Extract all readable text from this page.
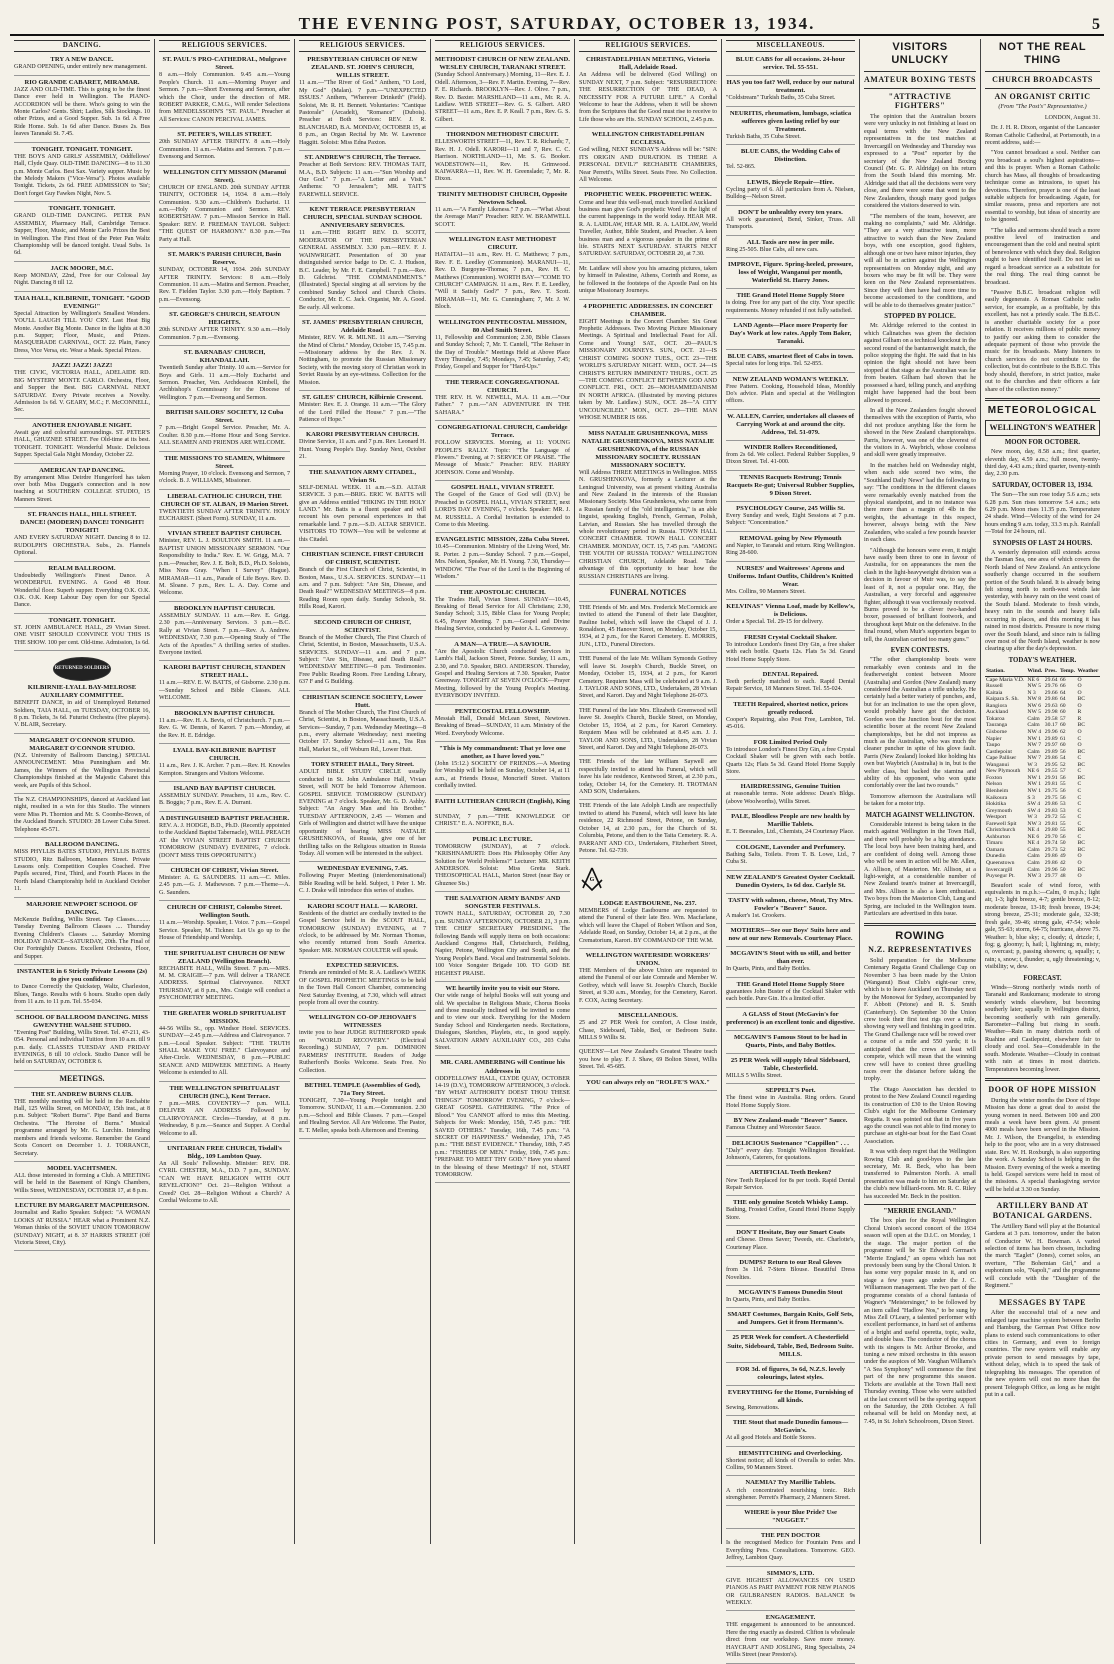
THE EVENING POST, SATURDAY, OCTOBER 13, 1934.	5
DANCING.
TRY A NEW DANCE.
GRAND OPENING, under entirely new management.
RIO GRANDE CABARET, MIRAMAR.
JAZZ AND OLD-TIME. This is going to be the finest Dance ever held in Wellington. The PIANO-ACCORDION will be there. Who's going to win the Monte Carlos? Gents. Shirt; Ladies, Silk Stockings. 10 other Prizes, and a Good Supper. Sub. 1s 6d. A Free Ride Home. Sub. 1s 6d after Dance. Buses 2s. Bus leaves Taranaki St. 7.45.
TONIGHT. TONIGHT. TONIGHT.
THE BOYS AND GIRLS' ASSEMBLY, Oddfellows' Hall, Clyde Quay. OLD-TIME DANCING—8 to 11.30 p.m. Monte Carlos. Best Sax. Variety supper. Music by the Melody Makers ("Vice-Versa"). Photos available Tonight. Tickets, 2s 6d. FREE ADMISSION to 'Sis'; Don't forget Guy Fawkes Night, Nov. 5.
TONIGHT. TONIGHT.
GRAND OLD-TIME DANCING. PETER PAN ASSEMBLY, Pharmacy Hall, Cambridge Terrace. Supper, Floor, Music, and Monte Carlo Prizes the Best in Wellington. The First Heat of the Peter Pan Waltz Championship will be danced tonight. Usual Subs. 1s 6d.
JACK MOORE, M.C.
Keep MONDAY, 22nd, Free for our Colossal Jay Night. Dancing 8 till 12.
TAIA HALL, KILBIRNIE, TONIGHT. "GOOD EVENING!"
Special Attraction by Wellington's Smallest Wonders. YOU'LL LAUGH TILL YOU CRY. Last Heat Big Monte. Another Big Monte. Dance in the lights at 8.30 p.m. Supper; Floor, Music, and Prizes. MASQUERADE CARNIVAL, OCT. 22. Plain, Fancy Dress, Vice Versa, etc. Wear a Mask. Special Prizes.
JAZZ! JAZZ! JAZZ!
THE CIVIC, VICTORIA HALL, ADELAIDE RD. BIG MYSTERY MONTE CARLO. Orchestra, Floor, and Supper the Best. BIG CARNIVAL NEXT SATURDAY. Every Private receives a Novelty. Admission 1s 6d. V. GEARY, M.C.; F. McCONNELL, Sec.
ANOTHER ENJOYABLE NIGHT.
Await gay and colourful surroundings. ST. PETER'S HALL, GHUZNEE STREET. Fee Old-time at its best. TONIGHT. TONIGHT. Wonderful Music. Delicious Supper. Special Gala Night Monday, October 22.
AMERICAN TAP DANCING.
By arrangement Miss Deirdre Hungerford has taken over both Miss Duggan's connection and is now teaching at SOUTHERN COLLEGE STUDIO, 15 Manners Street.
ST. FRANCIS HALL, HILL STREET. DANCE! (MODERN) DANCE! TONIGHT! TONIGHT!
AND EVERY SATURDAY NIGHT. Dancing 8 to 12. RUDOLPH'S ORCHESTRA. Subs., 2s. Flannels Optional.
REALM BALLROOM.
Undoubtedly Wellington's Finest Dance. A WONDERFUL EVENING. A Good 48 Hour. Wonderful floor. Superb supper. Everything O.K. O.K. O.K. O.K. Keep Labour Day open for our Special Dance.
TONIGHT. TONIGHT.
ST. JOHN AMBULANCE HALL, 29 Vivian Street. ONE VISIT SHOULD CONVINCE YOU THIS IS THE SHOW. 100 per cent. Old-time. Admission, 1s 6d.
RETURNED SOLDIERS
KILBIRNIE-LYALL BAY-MELROSE AUXILIARY COMMITTEE.
BENEFIT DANCE, in aid of Unemployed Returned Soldiers, TAIA HALL, on TUESDAY, OCTOBER 16, 8 p.m. Tickets, 3s 6d. Futurist Orchestra (five players). V. BLAIR, Secretary.
MARGARET O'CONNOR STUDIO. MARGARET O'CONNOR STUDIO.
(N.Z. University of Ballroom Dancing.) SPECIAL ANNOUNCEMENT. Miss Punningham and Mr. James, the Winners of the Wellington Provincial Championships finished at the Majestic Cabaret this week, are Pupils of this School.
The N.Z. CHAMPIONSHIPS, danced at Auckland last night, resulted in a win for this Studio. The winners were Miss Pt. Thornton and Mr. S. Coombe-Brown, of the Auckland Branch. STUDIO: 28 Lower Cuba Street. Telephone 45-571.
BALLROOM DANCING.
MISS PHYLLIS BATES STUDIO, PHYLLIS BATES STUDIO, Ritz Ballroom, Manners Street. Private Lessons only. Competition Couples Coached. Five Pupils secured, First, Third, and Fourth Places in the North Island Championship held in Auckland October 11.
MARJORIE NEWPORT SCHOOL OF DANCING.
McKenzie Building, Willis Street. Tap Classes.......... Tuesday Evening Ballroom Classes .... Thursday Evening Children's Classes .... Saturday Morning HOLIDAY DANCE—SATURDAY, 20th. The Final of Our Fortnightly Dances. Excellent Orchestra, Floor, and Supper.
INSTANTER in 6 Strictly Private Lessons (2s) to give you confidence
to Dance Correctly the Quickstep, Waltz, Charleston, Blues, Tango. Results with 6 hours. Studio open daily from 11 a.m. to 11 p.m. Tel. 55-034.
SCHOOL OF BALLROOM DANCING. MISS GWENYTHE WALSHE STUDIO.
"Evening Post" Building, Willis Street. Tel. 47-211, 43-054. Personal and individual Tuition from 10 a.m. till 9 p.m. daily. CLASSES TUESDAY AND FRIDAY EVENINGS, 8 till 10 o'clock. Studio Dance will be held on SATURDAY, OCTOBER 6.
MEETINGS.
THE ST. ANDREW BURNS CLUB.
THE monthly meeting will be held in the Rechabite Hall, 125 Willis Street, on MONDAY, 15th inst., at 8 p.m. Subject: "Robert Burns". Pipe Band and Burns Orchestra. "The Heroine of Burns." Musical programme arranged by Mr. G. Lurchin. Intending members and friends welcome. Remember the Grand Scots Concert on December 1. J. TORRANCE, Secretary.
MODEL YACHTSMEN.
ALL those interested in forming a Club. A MEETING will be held in the Basement of King's Chambers, Willis Street, WEDNESDAY, OCTOBER 17, at 8 p.m.
LECTURE BY MARGARET MACPHERSON.
Journalist and Radio Speaker. Subject: "A WOMAN LOOKS AT RUSSIA." HEAR what a Prominent N.Z. Woman thinks of the SOVIET UNION TOMORROW (SUNDAY) NIGHT, at 8. 37 HARRIS STREET (Off Victoria Street, City).
RELIGIOUS SERVICES.
ST. PAUL'S PRO-CATHEDRAL, Mulgrave Street.
8 a.m.—Holy Communion. 9.45 a.m.—Young People's Church. 11 a.m.—Morning Prayer and Sermon. 7 p.m.—Short Evensong and Sermon, after which the Choir, under the direction of MR. ROBERT PARKER, C.M.G., Will render Selections from MENDELSSOHN'S "ST. PAUL." Preacher at All Services: CANON PERCIVAL JAMES.
ST. PETER'S, WILLIS STREET.
20th SUNDAY AFTER TRINITY. 8 a.m.—Holy Communion. 11 a.m.—Matins and Sermon. 7 p.m.—Evensong and Sermon.
WELLINGTON CITY MISSION (Maranui Street).
CHURCH OF ENGLAND. 20th SUNDAY AFTER TRINITY, OCTOBER 14, 1934. 8 a.m.—Holy Communion. 9.30 a.m.—Children's Eucharist. 11 a.m.—Holy Communion and Sermon. REV. ROBERTSHAW. 7 p.m.—Mission Service in Hall. Speaker: REV. P. FREEMAN TAYLOR. Subject: "THE QUEST OF HARMONY." 8.30 p.m.—Tea Party at Hall.
ST. MARK'S PARISH CHURCH, Basin Reserve.
SUNDAY, OCTOBER 14, 1934. 20th SUNDAY AFTER TRINITY. Services: 8 a.m.—Holy Communion. 11 a.m.—Matins and Sermon. Preacher, Rev. T. Fielden Taylor. 3.30 p.m.—Holy Baptism. 7 p.m.—Evensong.
ST. GEORGE'S CHURCH, SEATOUN HEIGHTS.
20th SUNDAY AFTER TRINITY. 9.30 a.m.—Holy Communion. 7 p.m.—Evensong.
ST. BARNABAS' CHURCH, KHANDALLAH.
Twentieth Sunday after Trinity. 10 a.m.—Service for Boys and Girls. 11 a.m.—Holy Eucharist and Sermon. Preacher, Ven. Archdeacon Kimbell, the Archbishop's Commissary for the Diocese of Wellington. 7 p.m.—Evensong and Sermon.
BRITISH SAILORS' SOCIETY, 12 Cuba Street.
7 p.m.—Bright Gospel Service. Preacher, Mr. A. Coulter. 8.30 p.m.—Home Hour and Song Service. ALL SEAMEN AND FRIENDS ARE WELCOME.
THE MISSIONS TO SEAMEN, Whitmore Street.
Morning Prayer, 10 o'clock. Evensong and Sermon, 7 o'clock. B. J. WILLIAMS, Missioner.
LIBERAL CATHOLIC CHURCH, THE CHURCH OF ST. ALBAN, 19 Marion Street.
TWENTIETH SUNDAY AFTER TRINITY. HOLY EUCHARIST. (Sheet Form). SUNDAY, 11 a.m.
VIVIAN STREET BAPTIST CHURCH.
Minister, REV. L. J. BOULTON SMITH. 11 a.m.—BAPTIST UNION MISSIONARY SERMON. "Our Responsibility to India." Rev. E. W. Grigg, M.A. 7 p.m.—Preacher, Rev. J. E. Bolt, B.D., Ph.D. Soloists, Miss Nora Gray. "When I Survey" (Hague). MIRAMAR—11 a.m., Parade of Life Boys. Rev. D. M. Sloane. 7 p.m., Rev. L. A. Day. Come and Welcome.
BROOKLYN HAPTIST CHURCH.
ASSEMBLY SUNDAY. 11 a.m.—Rev. E. Grigg. 2.30 p.m.—Anniversary Services. 3 p.m.—B.C. Rally at Vivian Street. 7 p.m.—Rev. A. Andrew. WEDNESDAY, 7.30 p.m.—Opening Study of "The Acts of the Apostles." A thrilling series of studies. Everyone invited.
KARORI BAPTIST CHURCH, STANDEN STREET HALL.
11 a.m.—REV. E. W. BATTS, of Gisborne. 2.30 p.m.—Sunday School and Bible Classes. ALL WELCOME.
BROOKLYN BAPTIST CHURCH.
11 a.m.—Rev. H. A. Bevis, of Christchurch. 7 p.m.—Rev. G. W. Dennis, of Karori. 7 p.m.—Monday, at the Rev. H. E. Edridge.
LYALL BAY-KILBIRNIE BAPTIST CHURCH.
11 a.m., Rev. J. K. Archer. 7 p.m.—Rev. H. Knowles Kempton. Strangers and Visitors Welcome.
ISLAND BAY BAPTIST CHURCH.
ASSEMBLY SUNDAY. Preachers, 11 a.m., Rev. C. B. Boggis; 7 p.m., Rev. E. A. Durrant.
A DISTINGUISHED BAPTIST PREACHER.
REV. A. J. HODGE, B.D., Ph.D. (Recently appointed to the Auckland Baptist Tabernacle), WILL PREACH AT the VIVIAN STREET BAPTIST CHURCH TOMORROW (SUNDAY) EVENING, 7 o'clock. (DON'T MISS THIS OPPORTUNITY.)
CHURCH OF CHRIST, Vivian Street.
Minister: A. G. SAUNDERS. 11 a.m.—C. Miles. 2.45 p.m.—G. J. Mathewson. 7 p.m.—Theme—A. G. Saunders.
CHURCH OF CHRIST, Colombo Street. Wellington South.
11 a.m.—Worship. Speaker, I. Voice. 7 p.m.—Gospel Service. Speaker, M. Tickner. Let Us go up to the House of Friendship and Worship.
THE SPIRITUALIST CHURCH OF NEW ZEALAND (Wellington Branch).
RECHABITE HALL, Willis Street. 7 p.m.—MRS. M. M. CRAIGIE—7 p.m. Will deliver a TRANCE ADDRESS. Spiritual Clairvoyance. NEXT THURSDAY, at 8 p.m., Mrs. Craigie will conduct a PSYCHOMETRY MEETING.
THE GREATER WORLD SPIRITUALIST MISSION.
44-56 Willis St., opp. Windsor Hotel. SERVICES. SUNDAY—2.45 p.m.—Address and Clairvoyance. 7 p.m.—Local Speaker. Subject: "THE TRUTH SHALL MAKE YOU FREE." Clairvoyance and After-Circle. WEDNESDAY, 8 p.m.—PUBLIC SEANCE AND MIDWEEK MEETING. A Hearty Welcome is extended to All.
THE WELLINGTON SPIRITUALIST CHURCH (INC.), Kent Terrace.
7 p.m.—MRS. COVENTRY—7 p.m. WILL DELIVER AN ADDRESS Followed by CLAIRVOYANCE. Circles—Tuesday, at 8 p.m. Wednesday, 8 p.m.—Seance and Supper. A Cordial Welcome to all.
UNITARIAN FREE CHURCH, Tisdall's Bldg., 109 Lambton Quay.
An All Souls' Fellowship. Minister: REV. DR. CYRIL CHESTER, M.A., D.D. 7 p.m., SUNDAY. "CAN WE HAVE RELIGION WITH OUT REVELATION?" Oct. 21—Religion Without a Creed? Oct. 28—Religion Without a Church? A Cordial Welcome to All.
RELIGIOUS SERVICES.
PRESBYTERIAN CHURCH OF NEW ZEALAND. ST. JOHN'S CHURCH, WILLIS STREET.
11 a.m.—"The River of God." Anthem, "O Lord, My God" (Malan). 7 p.m.—"UNEXPECTED ISSUES." Anthem, "Wherever Drinketh" (Field). Soloist, Mr. R. H. Bennett. Voluntaries: "Cantique Pastorale" (Arcadelt), "Romance" (Dubois). Preacher at Both Services: REV. J. R. BLANCHARD, B.A. MONDAY, OCTOBER 15, at 8 p.m., an Organ Recital by Mr. W. Lawrence Haggitt. Soloist: Miss Edna Paxton.
ST. ANDREW'S CHURCH, The Terrace.
Preacher at Both Services: REV. THOMAS TAIT, M.A., B.D. Subjects: 11 a.m.—"Sun Worship and Our God." 7 p.m.—"A Letter and a Visit." Anthems: "O Jerusalem"; MR. TAIT'S FAREWELL SERVICE.
KENT TERRACE PRESBYTERIAN CHURCH, SPECIAL SUNDAY SCHOOL ANNIVERSARY SERVICES.
11 a.m.—THE RIGHT REV. D. SCOTT, MODERATOR OF THE PRESBYTERIAN GENERAL ASSEMBLY. 3.30 p.m.—REV. F. J. WAINWRIGHT. Presentation of 30 year distinguished service badge to Dr. C. J. Hudson, B.C. Leader, by Mr. F. E. Campbell. 7 p.m.—Rev. D. Gilchrist. "THE COMMANDMENTS." (Illustrated.) Special singing at all services by the combined Sunday School and Church Choirs. Conductor, Mr. E. C. Jack. Organist, Mr. A. Good. Be early. All welcome.
ST. JAMES' PRESBYTERIAN CHURCH, Adelaide Road.
Minister, REV. W. R. MILNE. 11 a.m.—"Serving the Mind of Christ." Monday, October 15, 7.45 p.m.—Missionary address by the Rev. J. N. Nottingham, to promote the Russian Missionary Society, with the moving story of Christian work in Soviet Russia by an eye-witness. Collection for the Mission.
ST. GILES' CHURCH, Kilbirnie Crescent.
Minister: Rev. E. J. Orange. 11 a.m.—"The Glory of the Lord Filled the House." 7 p.m.—"The Patience of Hope."
KARORI PRESBYTERIAN CHURCH.
Divine Service, 11 a.m. and 7 p.m. Rev. Leonard H. Hunt. Young People's Day. Sunday Next, October 21.
THE SALVATION ARMY CITADEL, Vivian St.
SELF-DENIAL WEEK. 11 a.m.—S.D. ALTAR SERVICE. 3 p.m.—BRIG. ERIC W. BATTS will give an Address entitled "HIKING IN THE HOLY LAND." Mr. Batts is a fluent speaker and will recount his own personal experiences in that remarkable land. 7 p.m.—S.D. ALTAR SERVICE. VISITORS TO TOWN—You will be welcome at this Citadel.
CHRISTIAN SCIENCE. FIRST CHURCH OF CHRIST, SCIENTIST.
Branch of the First Church of Christ, Scientist, in Boston, Mass., U.S.A. SERVICES. SUNDAY—11 a.m. and 7 p.m. Subject: "Are Sin, Disease, and Death Real?" WEDNESDAY MEETINGS—8 p.m. Reading Room open daily. Sunday Schools, St. Hills Road, Karori.
SECOND CHURCH OF CHRIST, SCIENTIST.
Branch of the Mother Church, The First Church of Christ, Scientist, in Boston, Massachusetts, U.S.A. SERVICES. SUNDAY—11 a.m. and 7 p.m. Subject: "Are Sin, Disease, and Death Real?" WEDNESDAY MEETING—8 p.m. Testimonies. Free Public Reading Room. Free Lending Library, 637 F and G Building.
CHRISTIAN SCIENCE SOCIETY, Lower Hutt.
Branch of The Mother Church, The First Church of Christ, Scientist, in Boston, Massachusetts, U.S.A. Services—Sunday, 7 p.m. Wednesday Meetings—8 p.m., every alternate Wednesday; next meeting October 17. Sunday School—11 a.m., Tea Rus Hall, Market St., off Woburn Rd., Lower Hutt.
TORY STREET HALL, Tory Street.
ADULT BIBLE STUDY CIRCLE usually conducted in St. John Ambulance Hall, Vivian Street, will NOT be held Tomorrow Afternoon. GOSPEL SERVICE TOMORROW (SUNDAY) EVENING at 7 o'clock. Speaker, Mr. G. D. Ashby. Subject: "An Angry Man and his Brother." TUESDAY AFTERNOON, 2.45 — Women and Girls of Wellington and district will have the unique opportunity of hearing MISS NATALIE GRUSHENKOVA, of Russia, give one of her thrilling talks on the Religious situation in Russia Today. All women will be interested in the subject.
WEDNESDAY EVENING, 7.45.
Following Prayer Meeting (interdenominational) Bible Reading will be held. Subject, 1 Peter 1. Mr. C. J. Drake will introduce this series of studies.
KARORI SCOUT HALL — KARORI.
Residents of the district are cordially invited to the Gospel Service held in the SCOUT HALL, TOMORROW (SUNDAY) EVENING, at 7 o'clock, to be addressed by Mr. Norman Thomas, who recently returned from South America. Speaker: MR. NORMAN COULTER will speak.
EXPECTED SERVICES.
Friends are reminded of Mr. R. A. Laidlaw's WEEK OF GOSPEL PROPHETIC MEETINGS to be held in the Town Hall Concert Chamber, commencing Next Saturday Evening, at 7.30, which will attract people from all over the country.
WELLINGTON CO-OP JEHOVAH'S WITNESSES
invite you to hear JUDGE RUTHERFORD speak on "WORLD RECOVERY." (Electrical Recording.) SUNDAY, 7 p.m. DOMINION FARMERS' INSTITUTE. Readers of Judge Rutherford's Books Welcome. Seats Free. No Collection.
BETHEL TEMPLE (Assemblies of God), 71a Tory Street.
TONIGHT, 7.30—Young People tonight and Tomorrow. SUNDAY, 11 a.m.—Communion. 2.30 p.m.—School and Bible Classes. 7 p.m.—Gospel and Healing Service. All Are Welcome. The Pastor, E. T. Meller, speaks both Afternoon and Evening.
RELIGIOUS SERVICES.
METHODIST CHURCH OF NEW ZEALAND. WESLEY CHURCH, TARANAKI STREET.
(Sunday School Anniversary.) Morning, 11—Rev. E. J. Odell. Afternoon, 3—Rev. F. Martin. Evening, 7—Rev. F. E. Richards. BROOKLYN—Rev. J. Olive. 7 p.m., Rev. D. Baxter. MARSHLAND—11 a.m., Mr. R. A. Laidlaw. WEB STREET—Rev. G. S. Gilbert. ARO STREET—11 a.m., Rev. E. P. Keall. 7 p.m., Rev. G. S. Gilbert.
THORNDON METHODIST CIRCUIT.
ELLESWORTH STREET—11, Rev. T. R. Richards; 7, Rev. H. J. Odell. KARORI—11 and 7, Rev. C. C. Harrison. NORTHLAND—11, Mr. S. G. Booker. WADESTOWN—11, Rev. H. Grimwood. KAIWARRA—11, Rev. W. H. Greenslade; 7, Mr. R. Dixon.
TRINITY METHODIST CHURCH, Opposite Newtown School.
11 a.m.—"A Family Likeness." 7 p.m.—"What About the Average Man?" Preacher: REV. W. BRAMWELL SCOTT.
WELLINGTON EAST METHODIST CIRCUIT.
HATAITAI—11 a.m., Rev. H. C. Matthews; 7 p.m., Rev. F. E. Leedley (Communion). MARANUI—11, Rev. D. Burgoyne-Thomas; 7 p.m., Rev. H. C. Matthews (Communion). WORTH BAY—"COME TO CHURCH" CAMPAIGN. 11 a.m., Rev. F. E. Leedley, "Will it Satisfy God?" 7 p.m., Rev. T. Scott. MIRAMAR—11, Mr. G. Cunningham; 7, Mr. J. W. Bloch.
WELLINGTON PENTECOSTAL MISSION, 80 Abel Smith Street.
11, Fellowship and Communion; 2.30, Bible Classes and Sunday School; 7, Mr. T. Cantell, "The Refuser in the Day of Trouble." Meetings Held at Above Place Every Thursday, 7.45; Mondays, 7.45; Saturday, 7.45; Friday, Gospel and Supper for "Hard-Ups."
THE TERRACE CONGREGATIONAL CHURCH.
THE REV. H. W. NEWELL, M.A. 11 a.m.—"Our Father." 7 p.m.—"AN ADVENTURE IN THE SAHARA."
CONGREGATIONAL CHURCH, Cambridge Terrace.
FOLLOW SERVICES. Morning, at 11: YOUNG PEOPLE'S RALLY. Topic: "The Language of Flowers." Evening, at 7: SERVICE OF PRAISE. "The Message of Music." Preacher: REV. HARRY JOHNSON. Come and Worship.
GOSPEL HALL, VIVIAN STREET.
The Gospel of the Grace of God will (D.V.) be Preached in GOSPEL HALL, VIVIAN STREET, next LORD'S DAY EVENING, 7 o'clock. Speaker: MR. J. M. RUSSELL. A Cordial Invitation is extended to Come to this Meeting.
EVANGELISTIC MISSION, 228a Cuba Street.
10.45—Communion. Ministry of the Living Word, Mr. R. Porter. 2 p.m.—Sunday School. 7 p.m.—Gospel, Mrs. Nelson, Speaker, Mr. H. Young. 7.30, Thursday—WINDOW. "The Fear of the Lord is the Beginning of Wisdom."
THE APOSTOLIC CHURCH.
The Trades Hall, Vivian Street. SUNDAY—10.45, Breaking of Bread Service for All Christians; 2.30, Sunday School; 3.15, Bible Class for Young People; 6.45, Prayer Meeting. 7 p.m.—Gospel and Divine Healing Service, conducted by Pastor A. L. Greenway.
A MAN—A TRUE—A SAVIOUR.
"Are the Apostolic Church conducted Services in Lamb's Hall, Jackson Street, Petone. Sunday, 11 a.m., 2.30, and 7.0. Speaker, BRO. ANDERSON. Thursday, Gospel and Healing Services at 7.30. Speaker, Pastor Greenway. TONIGHT AT SEVEN O'CLOCK—Prayer Meeting, followed by the Young People's Meeting. EVERYBODY INVITED.
PENTECOSTAL FELLOWSHIP.
Messiah Hall, Donald McLean Street, Newtown. Breaking of Bread—SUNDAY, 11 a.m. Ministry of the Word. Everybody Welcome.
"This is My commandment: That ye love one another, as I have loved you."
(John 15:12.) SOCIETY OF FRIENDS.—A Meeting for Worship will be held on Sunday, October 14, at 11 a.m., at Friends House, Moncrieff Street. Visitors cordially invited.
FAITH LUTHERAN CHURCH (English), King Street.
SUNDAY, 7 p.m.—"THE KNOWLEDGE OF CHRIST." E. A. NOFFKE, B.A.
PUBLIC LECTURE.
TOMORROW (SUNDAY), at 7 o'clock. "KRISHNAMURTI: Does His Philosophy Offer Any Solution for World Problems?" Lecturer: MR. KEITH ANDERSON. Soloist: Miss Gretta Stark. THEOSOPHICAL HALL, Marion Street (near Bay or Ghuznee Sts.)
THE SALVATION ARMY BANDS' AND SONGSTER FESTIVALS.
TOWN HALL, SATURDAY, OCTOBER 20, 7.30 p.m. SUNDAY AFTERNOON, OCTOBER 21, 3 p.m. THE CHIEF SECRETARY PRESIDING. The following Bands will supply items on both occasions: Auckland Congress Hall, Christchurch, Feilding, Napier, Petone, Wellington City and South, and the Young People's Band. Vocal and Instrumental Soloists. 100 Voice Songster Brigade 100. TO GOD BE HIGHEST PRAISE.
WE heartily invite you to visit our Store.
Our wide range of helpful Books will suit young and old. We specialise in Religious Music, Chorus Books and those musically inclined will be invited to come and to view our stock. Everything for the Modern Sunday School and Kindergarten needs. Recitations, Dialogues, Sketches, Playlets, etc., in good supply. SALVATION ARMY AUXILIARY CO., 203 Cuba Street.
MR. CARL AMBERBING will Continue his Addresses in
ODDFELLOWS' HALL, CLYDE QUAY, OCTOBER 14-19 (D.V.), TOMORROW AFTERNOON, 3 o'clock. "BY WHAT AUTHORITY DOEST THOU THESE THINGS?" TOMORROW EVENING, 7 o'clock—GREAT GOSPEL GATHERING. "The Price of Blood." You CANNOT afford to miss this Meeting. Subjects for Week: Monday, 15th, 7.45 p.m.: "HE SAVED OTHERS." Tuesday, 16th, 7.45 p.m.: "A SECRET OF HAPPINESS." Wednesday, 17th, 7.45 p.m.: "THE BEST EVIDENCE." Thursday, 18th, 7.45 p.m.: "FISHERS OF MEN." Friday, 19th, 7.45 p.m.: "PREPARE TO MEET THY GOD." Have you shared in the blessing of these Meetings? If not, START TOMORROW.
RELIGIOUS SERVICES.
CHRISTADELPHIAN MEETING, Victoria Hall, Adelaide Road.
An Address will be delivered (God Willing) on SUNDAY NEXT, 7 p.m. Subject: "RESURRECTION: THE RESURRECTION OF THE DEAD, A NECESSITY FOR A FUTURE LIFE." A Cordial Welcome to hear the Address, when it will be shown from the Scriptures that the Good must rise to receive to Life those who are His. SUNDAY SCHOOL, 2.45 p.m.
WELLINGTON CHRISTADELPHIAN ECCLESIA.
God willing, NEXT SUNDAY'S Address will be: "SIN: ITS ORIGIN AND DURATION. IS THERE A PERSONAL DEVIL?" RECHABITE CHAMBERS, Near Perrett's, Willis Street. Seats Free. No Collection. All Welcome.
PROPHETIC WEEK. PROPHETIC WEEK.
Come and hear this well-read, much travelled Auckland business man give God's prophetic Word in the light of the current happenings in the world today. HEAR MR. R. A. LAIDLAW, HEAR MR. R. A. LAIDLAW, World Traveller, Author, Bible Student, and Preacher. A keen business man and a vigorous speaker in the prime of life. STARTS NEXT SATURDAY. STARTS NEXT SATURDAY. SATURDAY, OCTOBER 20, at 7.30.
Mr. Laidlaw will show you his amazing pictures, taken by himself in Palestine, Athens, Corinth and Rome, as he followed in the footsteps of the Apostle Paul on his unique Missionary Journeys.
4 PROPHETIC ADDRESSES. IN CONCERT CHAMBER.
EIGHT Meetings in the Concert Chamber. Six Great Prophetic Addresses. Two Moving Picture Missionary Meetings. A Spiritual and Intellectual Feast for All. Come and Young! SAT., OCT. 20—PAUL'S MISSIONARY JOURNEYS. SUN., OCT. 21—IS CHRIST COMING SOON? TUES., OCT. 23—THE WORLD'S SATURDAY NIGHT. WED., OCT. 24—IS CHRIST'S RETURN IMMINENT? THURS., OCT. 25—THE COMING CONFLICT BETWEEN GOD AND CONFLICT. FRI., OCT. 26—MOHAMMEDANISM IN NORTH AFRICA. (Illustrated by moving pictures taken by Mr. Laidlaw.) SUN., OCT. 28—"A CITY UNCOUNCILED." MON., OCT. 29—THE MAN WHOSE NUMBER IS 666.
MISS NATALIE GRUSHENKOVA, MISS NATALIE GRUSHENKOVA, MISS NATALIE GRUSHENKOVA, of the RUSSIAN MISSIONARY SOCIETY. RUSSIAN MISSIONARY SOCIETY.
Will Address THREE MEETINGS in Wellington. MISS N. GRUSHENKOVA, formerly a Lecturer at the Leningrad University, was at present visiting Australia and New Zealand in the interests of the Russian Missionary Society. Miss Grushenkova, who came from a Russian family of the "old intelligentsia," is an able linguist, speaking English, French, German, Polish, Latvian, and Russian. She has travelled through the whole revolutionary period in Russia. TOWN HALL CONCERT CHAMBER. TOWN HALL CONCERT CHAMBER. MONDAY, OCT. 15, 7.45 p.m. "AMONG THE YOUTH OF RUSSIA TODAY." WELLINGTON CHRISTIAN CHURCH, Adelaide Road. Take advantage of this opportunity to hear how the RUSSIAN CHRISTIANS are living.
FUNERAL NOTICES
THE Friends of Mr. and Mrs. Frederick McCormick are invited to attend the Funeral of their late Daughter, Pauline Isobel, which will leave the Chapel of J. J. Ronaldson, 45 Hanover Street, on Monday, October 15, 1934, at 2 p.m., for the Karori Cemetery. E. MORRIS, JUN., LTD., Funeral Directors.
THE Funeral of the late Mr. William Symonds Gotfrey will leave St. Joseph's Church, Buckle Street, on Monday, October 15, 1934, at 2 p.m., for Karori Cemetery. Requiem Mass will be celebrated at 9 a.m. J. J. TAYLOR AND SONS, LTD., Undertakers, 28 Vivian Street, and Karori. Day and Night Telephone 26-073.
THE Funeral of the late Mrs. Elizabeth Greenwood will leave St. Joseph's Church, Buckle Street, on Monday, October 15, 1934, at 2 p.m., for Karori Cemetery. Requiem Mass will be celebrated at 8.45 a.m. J. J. TAYLOR AND SONS, LTD., Undertakers, 28 Vivian Street, and Karori. Day and Night Telephone 26-073.
THE Friends of the late William Saywell are respectfully invited to attend his Funeral, which will leave his late residence, Kentwood Street, at 2.30 p.m., today, October 14, for the Cemetery. H. TROTMAN AND SON, Undertakers.
THE Friends of the late Adolph Lindh are respectfully invited to attend his Funeral, which will leave his late residence, 22 Richmond Street, Petone, on Sunday, October 14, at 2.30 p.m., for the Church of St. Columbia, Petone, and then to the Taita Cemetery. R. A. PARRANT AND CO., Undertakers, Fitzherbert Street, Petone. Tel. 62-739.
G
LODGE EASTBOURNE, No. 237.
MEMBERS of Lodge Eastbourne are requested to attend the Funeral of their late Bro. Wm. Macfarlane, which will leave the Chapel of Robert Wilson and Son, Adelaide Road, on Sunday, October 14, at 2 p.m., at the Crematorium, Karori. BY COMMAND OF THE W.M.
WELLINGTON WATERSIDE WORKERS' UNION.
THE Members of the above Union are requested to attend the Funeral of our late Comrade and Member W. Gotfrey, which will leave St. Joseph's Church, Buckle Street, at 9.30 a.m., Monday, for the Cemetery, Karori. F. COX, Acting Secretary.
MISCELLANEOUS.
25 and 27 PER Week for comfort, A Close inside, Chase, Sideboard, Table, Bed, or Bedroom Suite. MILLS 9 Willis St.
QUEENS'—Let New Zealand's Greatest Theatre teach you how to play. F. J. Shaw, 69 Bolton Street, Willis Street. Tel. 45-685.
YOU can always rely on "ROLFE'S WAX."
MISCELLANEOUS.
BLUE CABS for all occasions. 24-hour service. Tel. 55-551.
HAS you too fat? Well, reduce by our natural treatment.
"Coldstream" Turkish Baths, 35 Cuba Street.
NEURITIS, rheumatism, lumbago, sciatica sufferers given lasting relief by our Treatment.
Turkish Baths, 35 Cuba Street.
BLUE CABS, the Wedding Cabs of Distinction.
Tel. 52-865.
LEWIS, Bicycle Repair—Hire.
Cycling party of 6. All particulars from A. Nielsen, Bulldog—Nelson Street.
DON'T be unhealthy every ten years.
All work guaranteed, Bend, Sinker, Truss. All Transports.
ALL Taxis are now in per mile.
Ring 25-505. Blue Cabs, all new cars.
IMPROVE, Figure. Spring-heeled, pressure, loss of Weight, Wanganui per month, Waterfield St. Harry Jones.
THE Grand Hotel Home Supply Store
is doing. Free for any part of the city. Your specific requirements. Money refunded if not fully satisfied.
LAND Agents—Place more Property for Day's Work at low rates. Apply Tom Baker, Taranaki.
BLUE CABS, smartest fleet of Cabs in town.
Special rates for long trips. Tel. 52-855.
NEW ZEALAND WOMAN'S WEEKLY.
Free Pattern. Cooking, Household Ideas, Monthly Do's advice. Plain and special at the Wellington offices.
W. ALLEN, Carrier, undertakes all classes of Carrying Work at and around the city. Address, Tel. 51-079.
WINDER Rollers Reconditioned,
from 2s 6d. We collect. Federal Rubber Supplies, 9 Dixon Street. Tel. 41-000.
TENNIS Racquets Restrung; Tennis Racquets Re-gut; Universal Rubber Supplies, 9 Dixon Street.
PSYCHOLOGY Course, 245 Willis St.
Every Sunday and week, Eight Sessions at 7 p.m. Subject: "Concentration."
REMOVAL going by New Plymouth
and Napier, to Taranaki and return. Ring Wellington. Ring 28-600.
NURSES' and Waitresses' Aprons and Uniforms. Infant Outfits, Children's Knitted Wear.
Mrs. Collins, 90 Manners Street.
KELVINAS" Vienna Loaf, made by Kellow's, is Delicious.
Order a Special. Tel. 29-15 for delivery.
FRESH Crystal Cocktail Shaker.
To introduce London's finest Dry Gin, a free shaker with each bottle. Quarts 12s. Flats 5s 3d. Grand Hotel Home Supply Store.
DENTAL Repaired.
Teeth perfectly matched to each. Rapid Dental Repair Service, 18 Manners Street. Tel. 55-024.
TEETH Repaired, shortest notice, prices greatly reduced.
Cooper's Repairing, also Post Free, Lambton, Tel. 45-016.
FOR Limited Period Only
To introduce London's Finest Dry Gin, a free Crystal Cocktail Shaker will be given with each bottle. Quarts 12s; Flats 5s 3d. Grand Hotel Home Supply Store.
HAIRDRESSING, Genuine Tuition
at reasonable terms. Note address: Dean's Bldgs. (above Woolworths), Willis Street.
PALE, Bloodless People are new health by Marillie Tablets.
E. T. Beesnales, Ltd., Chemists, 24 Courtenay Place.
COLOGNE, Lavender and Perfumery.
Bathing Salts, Toilets. From T. B. Lowe, Ltd., 7 Cuba St.
NEW ZEALAND'S Greatest Oyster Cocktail. Dunedin Oysters, 1s 6d doz. Carlyle St.
TASTY with salmon, cheese, Meat, Try Mrs. Fowler's "Beaver" Sauce.
A maker's 1st. Crookers.
MOTHERS—See our Boys' Suits here and now at our new Removals. Courtenay Place.
MCGAVIN'S Stout with us still, and better than ever.
In Quarts, Pints, and Baby Bottles.
THE Grand Hotel Home Supply Store
guarantees John Buster of the Cocktail Shaker with each bottle. Pure Gin. It's a limited offer.
A GLASS of Stout (McGavin's for preference) is an excellent tonic and digestive.
MCGAVIN'S Famous Stout to be had in Quarts, Pints, and Baby Bottles.
25 PER Week will supply Ideal Sideboard, Table, Chesterfield.
MILLS 5 Willis Street.
SEPPELT'S Port.
The finest wine in Australia. Ring orders. Grand Hotel Home Supply Store.
BY New Zealand-made "Beaver" Sauce.
Famous Chutney and Worcester Sauce.
DELICIOUS Sustenance "Cappillon" . . .
"Daly" every day. Tonight Wellington Breakfast. Johnson's, Caterers, for quotations.
ARTIFICIAL Teeth Broken?
New Teeth Replaced for 8s per tooth. Rapid Dental Repair Service.
THE only genuine Scotch Whisky Lamp.
Bathing, Frosted Coffee, Grand Hotel Home Supply Store.
DON'T Hesitate, Buy our Smart Coats
and Cheese. Dress Saver; Tweeds, etc. Charlotte's, Courtenay Place.
DUMPS? Return to our Real Gloves
from 3s 11d. 7-Stem Blouse. Beautiful Dress Novelties.
MCGAVIN'S Famous Dunedin Stout
In Quarts, Pints, and Baby Bottles.
SMART Costumes, Bargain Knits, Golf Sets, and Jumpers. Get it from Hermann's.
25 PER Week for comfort. A Chesterfield Suite, Sideboard, Table, Bed, Bedroom Suite. MILLS.
FOR 3d. of figures, 3s 6d, N.Z.S. lovely colourings, latest styles.
EVERYTHING for the Home, Furnishing of all kinds.
Sewing, Renovations.
THE Stout that made Dunedin famous—McGavin's.
At all good Hotels and Bottle Stores.
HEMSTITCHING and Overlocking.
Shortest notice; all kinds of Overalls to order. Mrs. Collins, 90 Manners Street.
NAEMIA? Try Marillie Tablets.
A rich concentrated nourishing tonic. Rich strengthener. Perrett's Pharmacy, 2 Manners Street.
WHERE is your Blue Pride? Use "NUGGET."
THE PEN DOCTOR
Is the recognised Medico for Fountain Pens and Everything Pens. Consultations. Tomorrow. GEO. Jeffrey, Lambton Quay.
SIMMO'S, LTD.
GIVE HIGHEST ALLOWANCES ON USED PIANOS AS PART PAYMENT FOR NEW PIANOS OR GULBRANSEN RADIOS. BALANCE 9s WEEKLY.
ENGAGEMENT.
THE engagement is announced to be announced. Here the ring exactly as desired. Clifton is wholesale direct from our workshop. Save more money. HAYCRAFT AND JOSLING, Ring Specialists, 24 Willis Street (near Preston's).
VISITORS UNLUCKY
AMATEUR BOXING TESTS
"ATTRACTIVE FIGHTERS"

The opinion that the Australian boxers were very unlucky in not finishing at least on equal terms with the New Zealand representatives in the test matches at Invercargill on Wednesday and Thursday was expressed to a "Post" reporter by the secretary of the New Zealand Boxing Council (Mr. G. P. Aldridge) on his return from the South Island this morning. Mr. Aldridge said that all the decisions were very close, and there were some that went to the New Zealanders, though many good judges considered the visitors deserved to win.

"The members of the team, however, are making no complaints," said Mr. Aldridge. "They are a very attractive team, more attractive to watch than the New Zealand boys, with one exception, good fighters, although one or two have minor injuries, they will all be in action against the Wellington representatives on Monday night, and any boxers who may be fit will be. They were keen on the New Zealand representatives. Since they will then have had more time to become accustomed to the conditions, and will be able to do themselves greater justice."

STOPPED BY POLICE.

Mr. Aldridge referred to the contest in which Calinatches was given the decision against Gilham on a technical knockout in the second round of the bantamweight match, the police stopping the fight. He said that in his opinion the fight should not have been stopped at that stage as the Australian was far from beaten. Gilham had shown that he possessed a hard, telling punch, and anything might have happened had the bout been allowed to proceed.

In all the New Zealanders fought showed themselves with the exception of Parris, who did not produce anything like the form he showed in the New Zealand championships. Parris, however, was one of the cleverest of the visitors in A. Waybrich, whose coolness and skill were greatly impressive.

In the matches held on Wednesday night, when each side scored two wins, the "Southland Daily News" had the following to say: "The conditions in the different classes were remarkably evenly matched from the physical standpoint, and in no instance was there more than a margin of 4lb in the weights, the advantage in this respect, however, always being with the New Zealanders, who scaled a few pounds heavier in each class.

"Although the honours were even, it might have easily been three to one in favour of Australia, for on appearances the men the clash in the light-heavyweight division was a decision in favour of Muir was, to say the least of it, not a popular one. Hay, the Australian, a very forceful and aggressive fighter, although it was vociferously received. Burns proved to be a clever two-handed boxer, possessed of brilliant footwork, and throughout kept Muir on the defensive. In the final round, when Muir's supporters began to tell, the Australian carried too many guns."

EVEN CONTESTS.

"The other championship bouts were remarkably even contests and in the featherweight contest between Moore (Australia) and Gordon (New Zealand) many considered the Australian a trifle unlucky. He certainly had a better variety of punches, and, but for an inclination to use the open glove, would probably have got the decision. Gordon won the Junction bout for the most scientific boxer at the recent New Zealand championships, but he did not impress as much as the Australian, who was much the cleaner puncher in spite of his glove fault. Parris (New Zealand) looked like holding his own but Waybrich (Australia) is in, but is the welter class, but backed the stamina and ability of his opponent, who won quite comfortably over the last two rounds."

Tomorrow afternoon the Australians will be taken for a motor trip.

MATCH AGAINST WELLINGTON.

Considerable interest is being taken in the match against Wellington in the Town Hall, and there will probably be a big attendance. The local boys have been training hard, and are confident of doing well. Among those who will be seen in action will be Mr. Allen, A. Allison, of Masterton. Mr. Allison, at a light-weight, at a considerable number of New Zealand team's trainer at Invercargill, and Mrs. Allison is also a keen enthusiast. Two boys from the Masterton Club, Lang and Spring, are included in the Wellington team. Particulars are advertised in this issue.

ROWING
N.Z. REPRESENTATIVES

Solid preparation for the Melbourne Centenary Regatta Grand Challenge Cup on November 3 has been made by the Union (Wanganui) Boat Club's eight-oar crew, which is to leave Auckland on Thursday next by the Monowai for Sydney, accompanied by F. Abbott (Petone) and R. S. Smith (Canterbury). On September 30 the Union crew took their first test rigs over a mile, showing very well and finishing in good trim. The Grand Challenge race will be rowed over a course of a mile and 550 yards; it is anticipated that the crews at least will compete, which will mean that the winning crew will have to contest three gruelling races over the distance before taking the trophy.

The Otago Association has decided to protest to the New Zealand Council regarding its construction of £30 to the Union Rowing Club's eight for the Melbourne Centenary Regatta. It was pointed out that in five years ago the council was not able to find money to purchase an eight-oar boat for the East Coast Association.

It was with deep regret that the Wellington Rowing Club and good-byes to the late secretary, Mr. R. Beck, who has been transferred to Palmerston North. A small presentation was made to him on Saturday at the club's new billiard-room. Mr. R. C. Riley has succeeded Mr. Beck in the position.

"MERRIE ENGLAND."

The box plan for the Royal Wellington Choral Union's second concert of the 1934 season will open at the D.I.C. on Monday, 1 the stage. The major portion of the programme will be Sir Edward German's "Merrie England," an opera which has not previously been sung by the Choral Union. It has some very popular music in it, and on stage a few years ago under the J. C. Williamson management. The two part of the programme consists of a choral fantasia of Wagner's "Meistersinger," to be followed by an item called "Hadlow Nos," to be sung by Miss Zell O'Leary, a talented performer with excellent performance, in hard set of anthems of a bright and useful operetta, topic, waltz, and double bass. The conductor of the chorus with its singers is Mr. Arthur Brooke, and tuning a new mixed orchestra in this season under the auspices of Mr. Vaughan Williams's "A Sea Symphony" will commence the first part of the new programme this season. Tickets are available at the Town Hall next Thursday evening. Those who were satisfied at the last concert will be the sporting support on the Saturday, the 20th October. A full rehearsal will be held on Monday next, at 7.45, in St. John's Schoolroom, Dixon Street.

NOT THE REAL THING
CHURCH BROADCASTS
AN ORGANIST CRITIC

(From "The Post's" Representative.)

LONDON, August 31.

Dr. J. H. R. Dixon, organist of the Lancaster Roman Catholic Cathedral, at Portsmouth, in a recent address, said:—

"You cannot broadcast a soul. Neither can you broadcast a soul's highest aspirations—and this is prayer. When a Roman Catholic church has Mass, all thoughts of broadcasting technique come as intrusions, to upset his devotions. Therefore, prayer is one of the least suitable subjects for broadcasting. Again, for similar reasons, press and reporters are not essential to worship, but ideas of sincerity are to be ignored.

"The talks and sermons should teach a more positive level of instruction and encouragement than the cold and neutral spirit of benevolence with which they deal. Religion ought to have identified itself. Do not let us regard a broadcast service as a substitute for the real thing. The real thing cannot be broadcast.

"Passive B.B.C. broadcast religion will easily degenerate. A Roman Catholic radio service, for example, as a profitable, by this excellent, has not a priestly scale. The B.B.C. is another charitable society for a poor relation. It receives millions of public money to justify our asking them to consider the adequate payment of those who provide the music for its broadcasts. Many listeners to church services do not contribute to the collection, but do contribute to the B.B.C. This body should, therefore, in strict justice, make out to the churches and their officers a fair share of the collection money."

METEOROLOGICAL
WELLINGTON'S WEATHER
MOON FOR OCTOBER.

New moon, day, 8.58 a.m.; first quarter, eleventh day, 4.59 a.m.; full moon, twenty-third day, 4.43 a.m.; third quarter, twenty-ninth day, 2.30 p.m.

SATURDAY, OCTOBER 13, 1934.

The Sun—The sun rose today 5.6 a.m.; sets 6.28 p.m. Sun rises tomorrow 5.4 a.m.; sets 6.29 p.m. Moon rises 11.35 p.m. Temperature 24 shade. Wind—Velocity of the wind for 24 hours ending 9 a.m. today, 33.3 m.p.h. Rainfall—Total for 24 hours, nil.

SYNOPSIS OF LAST 24 HOURS.

A westerly depression still extends across the Tasman Sea, one area of which covers the North Island of New Zealand. An anticyclone southerly change occurred in the southern portion of the South Island. It is already being felt strong north to north-west winds late yesterday, with heavy rain on the west coast of the South Island. Moderate to fresh winds, heavy rain in the sounds and heavy falls occurring in places, and this morning it has rained in most districts. Pressure is now rising over the South Island, and since rain is falling over most of the North Island, weather is now clearing up after the day's depression.

TODAY'S WEATHER.
Station.	Wind.	Pres.	Temp.	Weather
Cape Maria V.D.	NE 6	29.64	66	O
Russell	NW 5	29.76	66	O
Kaitaia	N 3	29.66	64	O
Kaipara S. Sh.	NW 8	29.86	64	BC
Rangiora	NW 6	29.63	60	O
Auckland	NW 5	29.98	60	R
Tokaroa	Calm	29.58	57	R
Tauranga	Calm	30.17	60	BC
Gisborne	NW 4	29.96	62	O
Napier	NW 1	29.89	61	C
Taupo	NW 7	29.97	60	O
Castlepoint	Calm	29.89	56	BC
Cape Palliser	NW 7	29.86	54	C
Wanganui	W 3	29.95	52	BC
New Plymouth	NE 6	29.55	57	C
Foxton	NW 1	29.91	56	BC
Nelson	NW 1	29.81	55	C
Blenheim	NW 1	29.75	56	C
Kaikoura	S 3	29.75	56	C
Hokitika	SW 4	29.86	53	C
Greymouth	SW 4	29.83	53	C
Westport	W 3	29.72	55	C
Farewell Spit	NW 3	29.81	55	C
Christchurch	NE 4	29.80	55	BC
Ashburton	NE 6	29.70	56	C
Timaru	NE 4	29.74	50	BC
Oamaru	Calm	29.73	52	BC
Dunedin	Calm	29.86	49	O
Queenstown	Calm	29.86	42	O
Invercargill	Calm	29.96	50	BC
Puysegur Pt.	NW 3	29.77	48	O

Beaufort scale of wind force, with equivalents in m.p.h.:—Calm, 0 m.p.h.; light air, 1-3; light breeze, 4-7; gentle breeze, 8-12; moderate breeze, 13-18; fresh breeze, 19-24; strong breeze, 25-31; moderate gale, 32-38; fresh gale, 39-46; strong gale, 47-54; whole gale, 55-63; storm, 64-75; hurricane, above 75. Weather: b, blue sky; c, cloudy; d, drizzle; f, fog; g, gloomy; h, hail; l, lightning; m, misty; o, overcast; p, passing showers; q, squally; r, rain; s, snow; t, thunder; u, ugly threatening; v, visibility; w, dew.

FORECAST.

Winds—Strong northerly winds north of Taranaki and Raukumara; moderate to strong westerly winds elsewhere, but becoming southerly later; squally in Wellington district, becoming southerly with rain generally. Barometer—Falling but rising in south. Weather—Rain in many districts north of Ruahine and Castlepoint, elsewhere fair to cloudy and cool. Sea—Considerable in the south. Moderate. Weather—Cloudy in contrast with rain at times in most districts. Temperatures becoming lower.

DOOR OF HOPE MISSION

During the winter months the Door of Hope Mission has done a great deal to assist the young women in need. Between 100 and 200 meals a week have been given. At present 4000 meals have been served in the Mission. Mr. J. Wilson, the Evangelist, is extending help to the poor, who are in a very distressed state. Rev. W. H. Roxburgh, is also supporting the work. A Sunday School is helping in the Mission. Every evening of the week a meeting is held. Gospel services were held in most of the missions. A special thanksgiving service will be held at 3.30 on Sunday.

ARTILLERY BAND AT BOTANICAL GARDENS.

The Artillery Band will play at the Botanical Gardens at 3 p.m. tomorrow, under the baton of Conductor W. H. Bowman. A varied selection of items has been chosen, including the march "Eaglet" (Jones), cornet solos, an overture, "The Bohemian Girl," and a euphonium solo, "Napoli," and the programme will conclude with the "Daughter of the Regiment."

MESSAGES BY TAPE

After the successful trial of a new and enlarged tape machine system between Berlin and Hamburg, the German Post Office now plans to extend such communications to other cities in Germany, and even to foreign countries. The new system will enable any private person to send messages by tape, without delay, which is to speed the task of telegraphing his messages. The operation of the new system will cost no more than the present Telegraph Office, as long as he might put in a call.
